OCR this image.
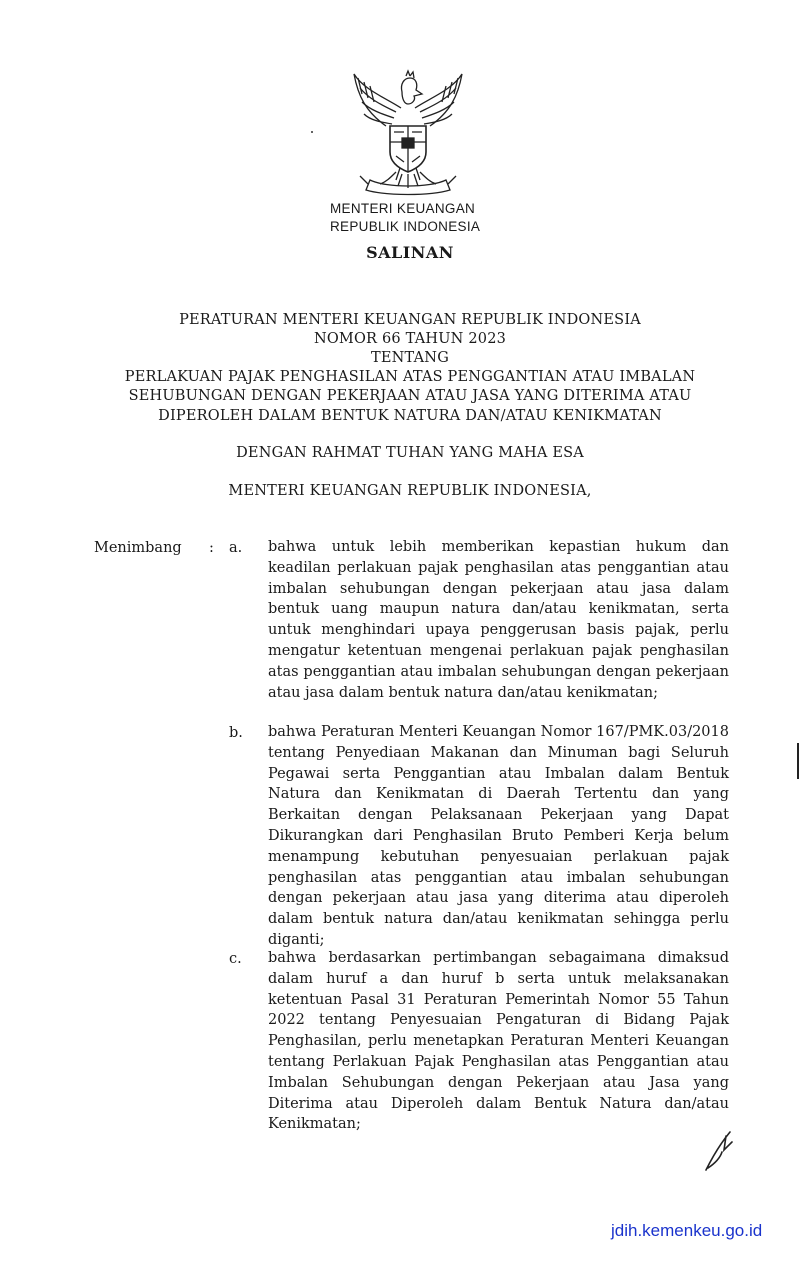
MENTERI KEUANGAN
REPUBLIK INDONESIA
SALINAN
PERATURAN MENTERI KEUANGAN REPUBLIK INDONESIA
NOMOR 66 TAHUN 2023
TENTANG
PERLAKUAN PAJAK PENGHASILAN ATAS PENGGANTIAN ATAU IMBALAN
SEHUBUNGAN DENGAN PEKERJAAN ATAU JASA YANG DITERIMA ATAU
DIPEROLEH DALAM BENTUK NATURA DAN/ATAU KENIKMATAN
DENGAN RAHMAT TUHAN YANG MAHA ESA
MENTERI KEUANGAN REPUBLIK INDONESIA,
Menimbang : a. bahwa untuk lebih memberikan kepastian hukum dan keadilan perlakuan pajak penghasilan atas penggantian atau imbalan sehubungan dengan pekerjaan atau jasa dalam bentuk uang maupun natura dan/atau kenikmatan, serta untuk menghindari upaya penggerusan basis pajak, perlu mengatur ketentuan mengenai perlakuan pajak penghasilan atas penggantian atau imbalan sehubungan dengan pekerjaan atau jasa dalam bentuk natura dan/atau kenikmatan;
b. bahwa Peraturan Menteri Keuangan Nomor 167/PMK.03/2018 tentang Penyediaan Makanan dan Minuman bagi Seluruh Pegawai serta Penggantian atau Imbalan dalam Bentuk Natura dan Kenikmatan di Daerah Tertentu dan yang Berkaitan dengan Pelaksanaan Pekerjaan yang Dapat Dikurangkan dari Penghasilan Bruto Pemberi Kerja belum menampung kebutuhan penyesuaian perlakuan pajak penghasilan atas penggantian atau imbalan sehubungan dengan pekerjaan atau jasa yang diterima atau diperoleh dalam bentuk natura dan/atau kenikmatan sehingga perlu diganti;
c. bahwa berdasarkan pertimbangan sebagaimana dimaksud dalam huruf a dan huruf b serta untuk melaksanakan ketentuan Pasal 31 Peraturan Pemerintah Nomor 55 Tahun 2022 tentang Penyesuaian Pengaturan di Bidang Pajak Penghasilan, perlu menetapkan Peraturan Menteri Keuangan tentang Perlakuan Pajak Penghasilan atas Penggantian atau Imbalan Sehubungan dengan Pekerjaan atau Jasa yang Diterima atau Diperoleh dalam Bentuk Natura dan/atau Kenikmatan;
jdih.kemenkeu.go.id
